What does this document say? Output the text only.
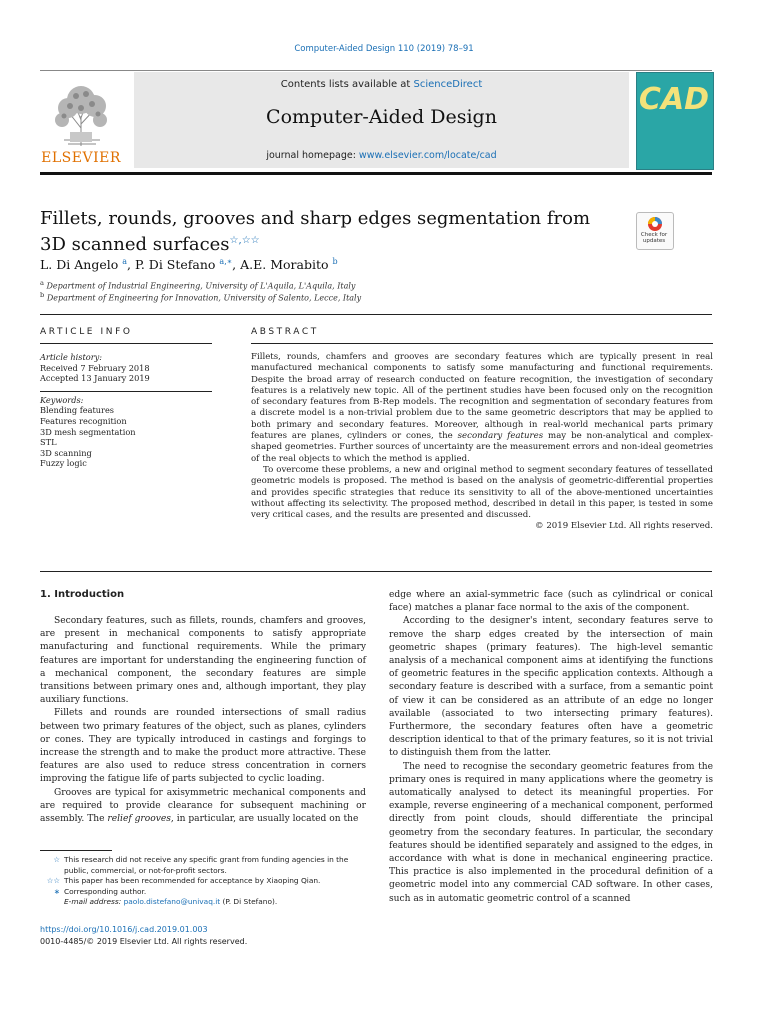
Computer-Aided Design 110 (2019) 78–91
ELSEVIER
Contents lists available at ScienceDirect
Computer-Aided Design
journal homepage: www.elsevier.com/locate/cad
CAD
Fillets, rounds, grooves and sharp edges segmentation from 3D scanned surfaces☆,☆☆	Check for updates
L. Di Angelo $^a$, P. Di Stefano $^{a,∗}$, A.E. Morabito $^b$
$^a$ Department of Industrial Engineering, University of L'Aquila, L'Aquila, Italy
$^b$ Department of Engineering for Innovation, University of Salento, Lecce, Italy
ARTICLE INFO	ABSTRACT
Article history:
Received 7 February 2018
Accepted 13 January 2019
Keywords:
Blending features
Features recognition
3D mesh segmentation
STL
3D scanning
Fuzzy logic

Fillets, rounds, chamfers and grooves are secondary features which are typically present in real manufactured mechanical components to satisfy some manufacturing and functional requirements. Despite the broad array of research conducted on feature recognition, the investigation of secondary features is a relatively new topic. All of the pertinent studies have been focused only on the recognition of secondary features from B-Rep models. The recognition and segmentation of secondary features from a discrete model is a non-trivial problem due to the same geometric descriptors that may be applied to both primary and secondary features. Moreover, although in real-world mechanical parts primary features are planes, cylinders or cones, the secondary features may be non-analytical and complex-shaped geometries. Further sources of uncertainty are the measurement errors and non-ideal geometries of the real objects to which the method is applied.

To overcome these problems, a new and original method to segment secondary features of tessellated geometric models is proposed. The method is based on the analysis of geometric-differential properties and provides specific strategies that reduce its sensitivity to all of the above-mentioned uncertainties without affecting its selectivity. The proposed method, described in detail in this paper, is tested in some very critical cases, and the results are presented and discussed.

© 2019 Elsevier Ltd. All rights reserved.

1. Introduction

Secondary features, such as fillets, rounds, chamfers and grooves, are present in mechanical components to satisfy appropriate manufacturing and functional requirements. While the primary features are important for understanding the engineering function of a mechanical component, the secondary features are simple transitions between primary ones and, although important, they play auxiliary functions.

Fillets and rounds are rounded intersections of small radius between two primary features of the object, such as planes, cylinders or cones. They are typically introduced in castings and forgings to increase the strength and to make the product more attractive. These features are also used to reduce stress concentration in corners improving the fatigue life of parts subjected to cyclic loading.

Grooves are typical for axisymmetric mechanical components and are required to provide clearance for subsequent machining or assembly. The relief grooves, in particular, are usually located on the

edge where an axial-symmetric face (such as cylindrical or conical face) matches a planar face normal to the axis of the component.

According to the designer's intent, secondary features serve to remove the sharp edges created by the intersection of main geometric shapes (primary features). The high-level semantic analysis of a mechanical component aims at identifying the functions of geometric features in the specific application contexts. Although a secondary feature is described with a surface, from a semantic point of view it can be considered as an attribute of an edge no longer available (associated to two intersecting primary features). Furthermore, the secondary features often have a geometric description identical to that of the primary features, so it is not trivial to distinguish them from the latter.

The need to recognise the secondary geometric features from the primary ones is required in many applications where the geometry is automatically analysed to detect its meaningful properties. For example, reverse engineering of a mechanical component, performed directly from point clouds, should differentiate the principal geometry from the secondary features. In particular, the secondary features should be identified separately and assigned to the edges, in accordance with what is done in mechanical engineering practice. This practice is also implemented in the procedural definition of a geometric model into any commercial CAD software. In other cases, such as in automatic geometric control of a scanned

☆ This research did not receive any specific grant from funding agencies in the public, commercial, or not-for-profit sectors.
☆☆ This paper has been recommended for acceptance by Xiaoping Qian.
∗ Corresponding author.
E-mail address: paolo.distefano@univaq.it (P. Di Stefano).
https://doi.org/10.1016/j.cad.2019.01.003
0010-4485/© 2019 Elsevier Ltd. All rights reserved.
